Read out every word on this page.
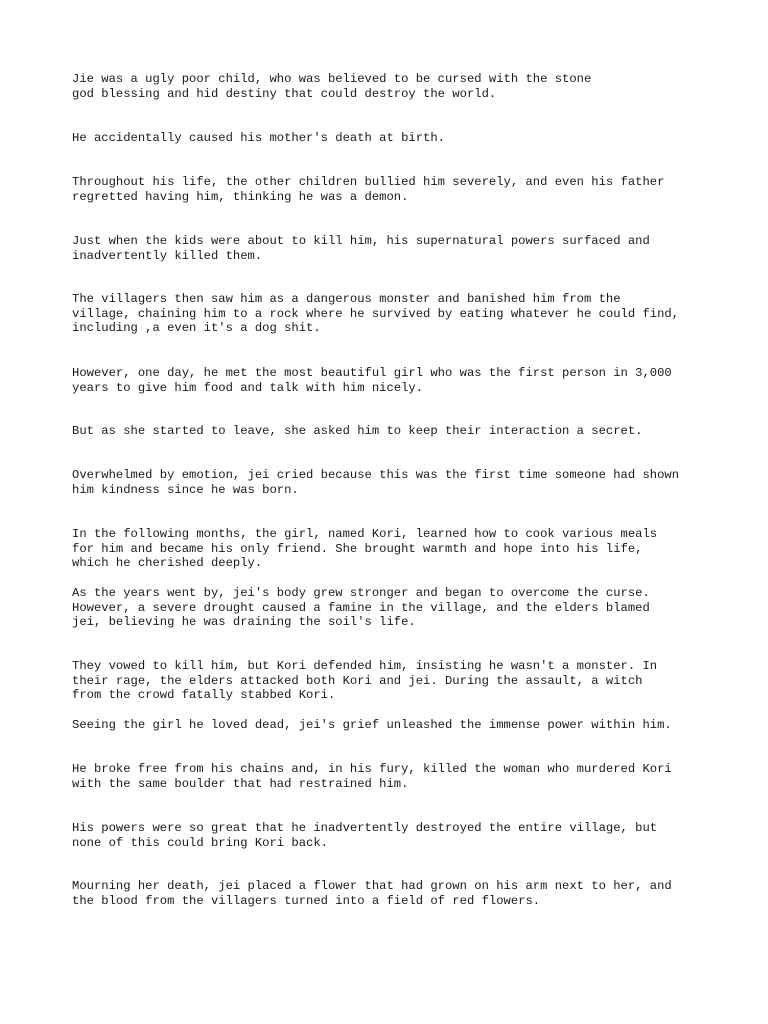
Jie was a ugly poor child, who was believed to be cursed with the stone
god blessing and hid destiny that could destroy the world.

He accidentally caused his mother's death at birth.

Throughout his life, the other children bullied him severely, and even his father
regretted having him, thinking he was a demon.

Just when the kids were about to kill him, his supernatural powers surfaced and
inadvertently killed them.

The villagers then saw him as a dangerous monster and banished him from the
village, chaining him to a rock where he survived by eating whatever he could find,
including ,a even it's a dog shit.

However, one day, he met the most beautiful girl who was the first person in 3,000
years to give him food and talk with him nicely.

But as she started to leave, she asked him to keep their interaction a secret.

Overwhelmed by emotion, jei cried because this was the first time someone had shown
him kindness since he was born.

In the following months, the girl, named Kori, learned how to cook various meals
for him and became his only friend. She brought warmth and hope into his life,
which he cherished deeply.

As the years went by, jei's body grew stronger and began to overcome the curse.
However, a severe drought caused a famine in the village, and the elders blamed
jei, believing he was draining the soil's life.

They vowed to kill him, but Kori defended him, insisting he wasn't a monster. In
their rage, the elders attacked both Kori and jei. During the assault, a witch
from the crowd fatally stabbed Kori.

Seeing the girl he loved dead, jei's grief unleashed the immense power within him.

He broke free from his chains and, in his fury, killed the woman who murdered Kori
with the same boulder that had restrained him.

His powers were so great that he inadvertently destroyed the entire village, but
none of this could bring Kori back.

Mourning her death, jei placed a flower that had grown on his arm next to her, and
the blood from the villagers turned into a field of red flowers.
